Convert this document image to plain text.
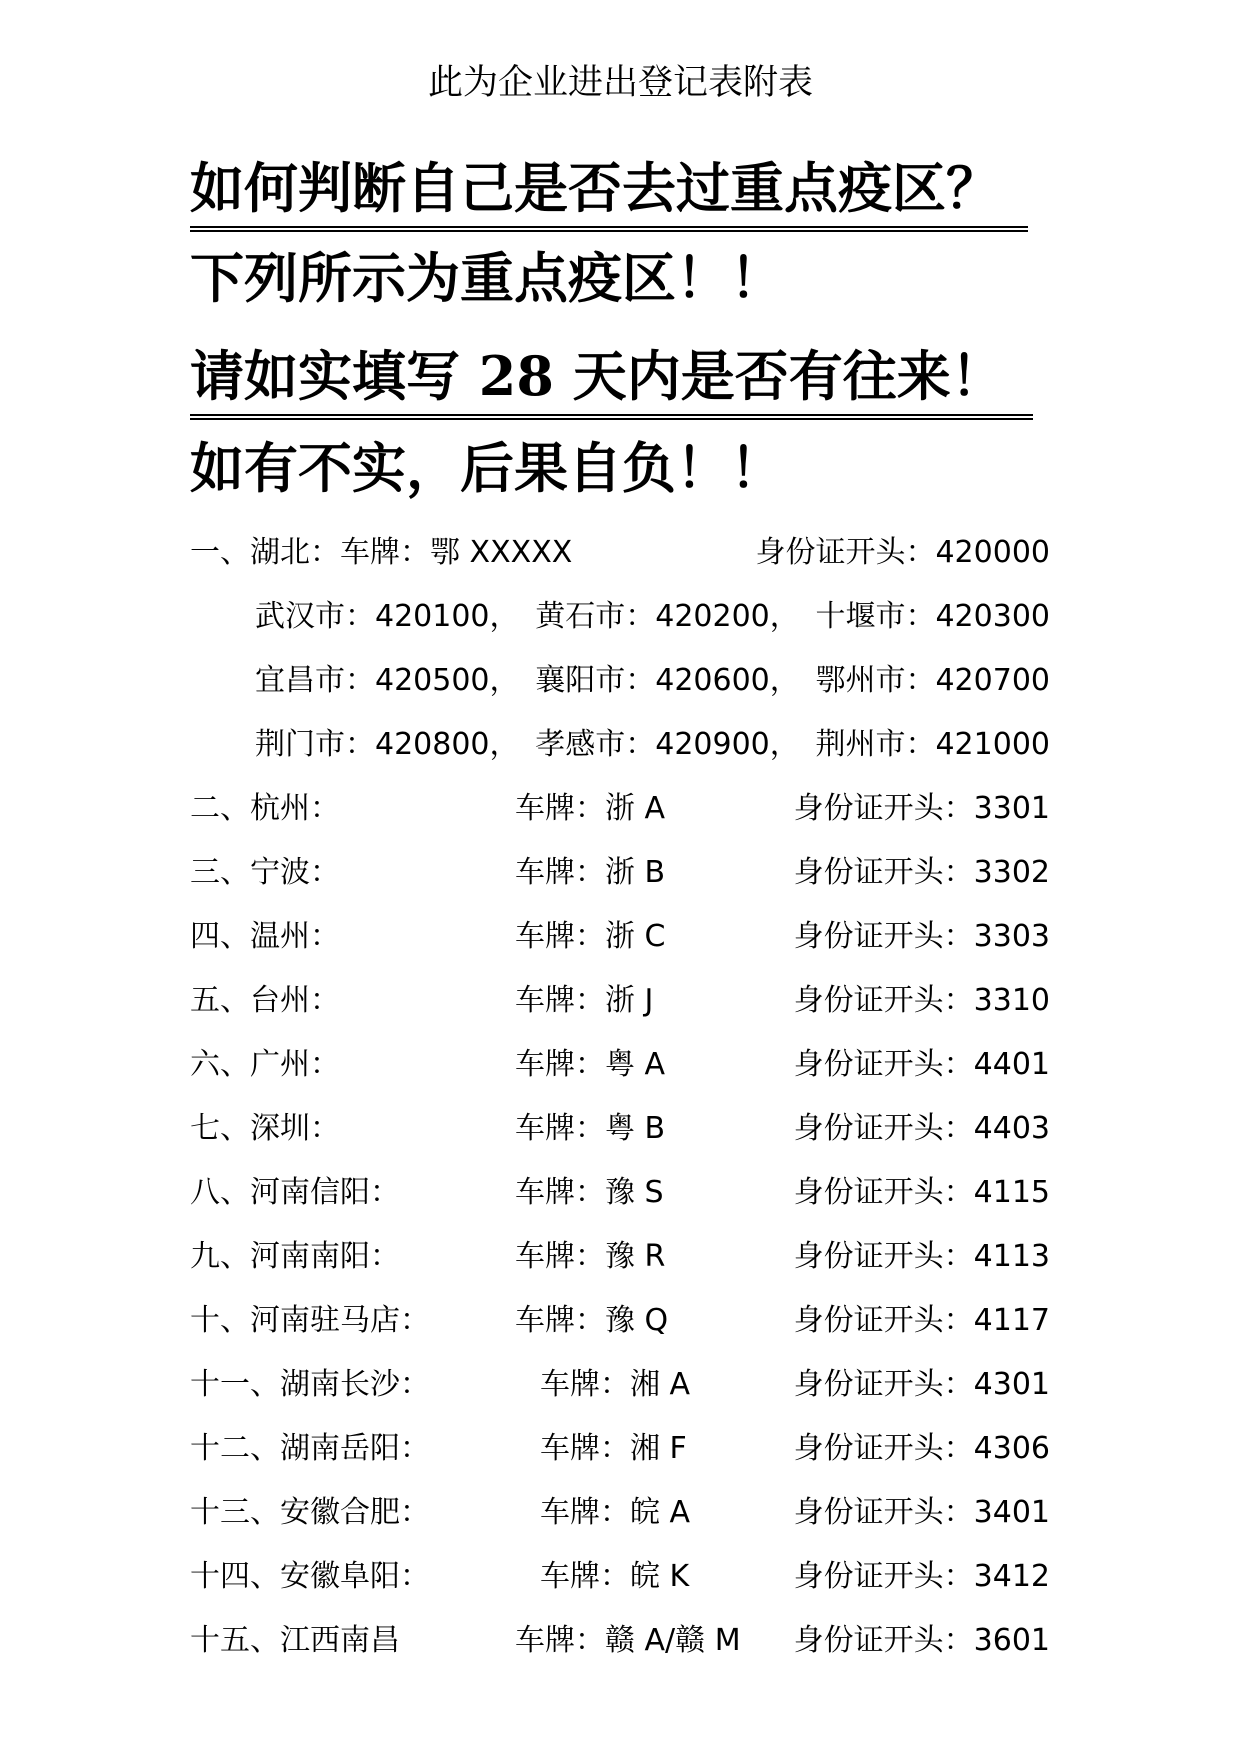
此为企业进出登记表附表
如何判断自己是否去过重点疫区？
下列所示为重点疫区！！
请如实填写 28 天内是否有往来！
如有不实，后果自负！！
一、湖北：车牌：鄂 XXXXX	身份证开头：420000
武汉市：420100， 黄石市：420200， 十堰市：420300
宜昌市：420500， 襄阳市：420600， 鄂州市：420700
荆门市：420800， 孝感市：420900， 荆州市：421000
二、杭州：	车牌：浙 A	身份证开头：3301
三、宁波：	车牌：浙 B	身份证开头：3302
四、温州：	车牌：浙 C	身份证开头：3303
五、台州：	车牌：浙 J	身份证开头：3310
六、广州：	车牌：粤 A	身份证开头：4401
七、深圳：	车牌：粤 B	身份证开头：4403
八、河南信阳：	车牌：豫 S	身份证开头：4115
九、河南南阳：	车牌：豫 R	身份证开头：4113
十、河南驻马店：	车牌：豫 Q	身份证开头：4117
十一、湖南长沙：	车牌：湘 A	身份证开头：4301
十二、湖南岳阳：	车牌：湘 F	身份证开头：4306
十三、安徽合肥：	车牌：皖 A	身份证开头：3401
十四、安徽阜阳：	车牌：皖 K	身份证开头：3412
十五、江西南昌	车牌：赣 A/赣 M 身份证开头：3601
